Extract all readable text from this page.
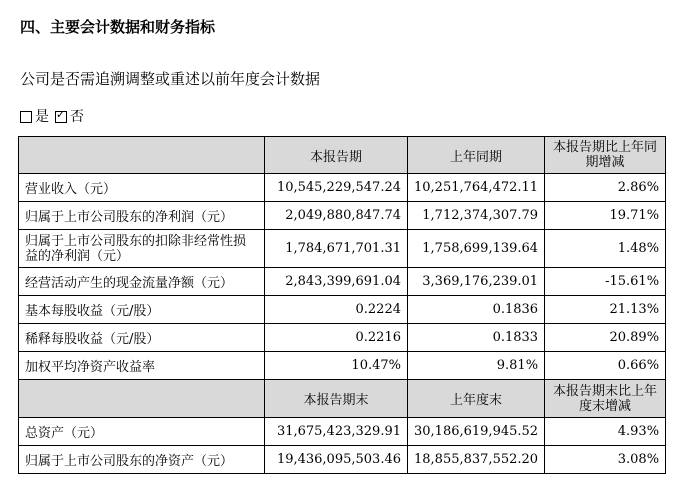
四、主要会计数据和财务指标
公司是否需追溯调整或重述以前年度会计数据
是 ✓ 否
	本报告期	上年同期	本报告期比上年同期增减
营业收入（元）	10,545,229,547.24	10,251,764,472.11	2.86%
归属于上市公司股东的净利润（元）	2,049,880,847.74	1,712,374,307.79	19.71%
归属于上市公司股东的扣除非经常性损益的净利润（元）	1,784,671,701.31	1,758,699,139.64	1.48%
经营活动产生的现金流量净额（元）	2,843,399,691.04	3,369,176,239.01	-15.61%
基本每股收益（元/股）	0.2224	0.1836	21.13%
稀释每股收益（元/股）	0.2216	0.1833	20.89%
加权平均净资产收益率	10.47%	9.81%	0.66%
	本报告期末	上年度末	本报告期末比上年度末增减
总资产（元）	31,675,423,329.91	30,186,619,945.52	4.93%
归属于上市公司股东的净资产（元）	19,436,095,503.46	18,855,837,552.20	3.08%
